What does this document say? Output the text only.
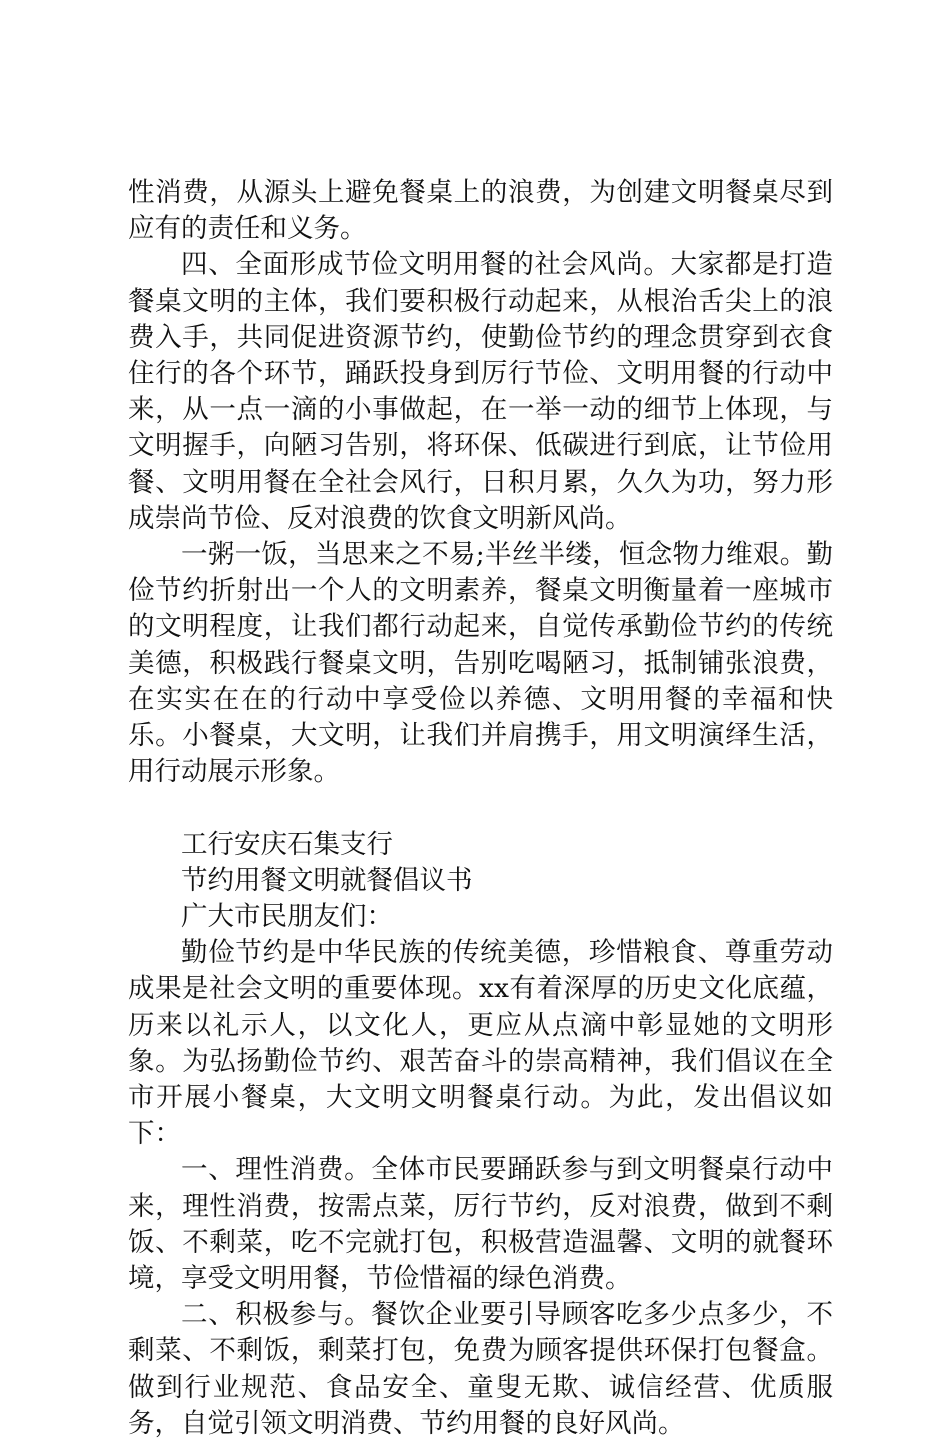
性消费，从源头上避免餐桌上的浪费，为创建文明餐桌尽到应有的责任和义务。

四、全面形成节俭文明用餐的社会风尚。大家都是打造餐桌文明的主体，我们要积极行动起来，从根治舌尖上的浪费入手，共同促进资源节约，使勤俭节约的理念贯穿到衣食住行的各个环节，踊跃投身到厉行节俭、文明用餐的行动中来，从一点一滴的小事做起，在一举一动的细节上体现，与文明握手，向陋习告别，将环保、低碳进行到底，让节俭用餐、文明用餐在全社会风行，日积月累，久久为功，努力形成崇尚节俭、反对浪费的饮食文明新风尚。

一粥一饭，当思来之不易;半丝半缕，恒念物力维艰。勤俭节约折射出一个人的文明素养，餐桌文明衡量着一座城市的文明程度，让我们都行动起来，自觉传承勤俭节约的传统美德，积极践行餐桌文明，告别吃喝陋习，抵制铺张浪费，在实实在在的行动中享受俭以养德、文明用餐的幸福和快乐。小餐桌，大文明，让我们并肩携手，用文明演绎生活，用行动展示形象。

工行安庆石集支行

节约用餐文明就餐倡议书

广大市民朋友们：

勤俭节约是中华民族的传统美德，珍惜粮食、尊重劳动成果是社会文明的重要体现。xx有着深厚的历史文化底蕴，历来以礼示人，以文化人，更应从点滴中彰显她的文明形象。为弘扬勤俭节约、艰苦奋斗的崇高精神，我们倡议在全市开展小餐桌，大文明文明餐桌行动。为此，发出倡议如下：

一、理性消费。全体市民要踊跃参与到文明餐桌行动中来，理性消费，按需点菜，厉行节约，反对浪费，做到不剩饭、不剩菜，吃不完就打包，积极营造温馨、文明的就餐环境，享受文明用餐，节俭惜福的绿色消费。

二、积极参与。餐饮企业要引导顾客吃多少点多少，不剩菜、不剩饭，剩菜打包，免费为顾客提供环保打包餐盒。做到行业规范、食品安全、童叟无欺、诚信经营、优质服务，自觉引领文明消费、节约用餐的良好风尚。
